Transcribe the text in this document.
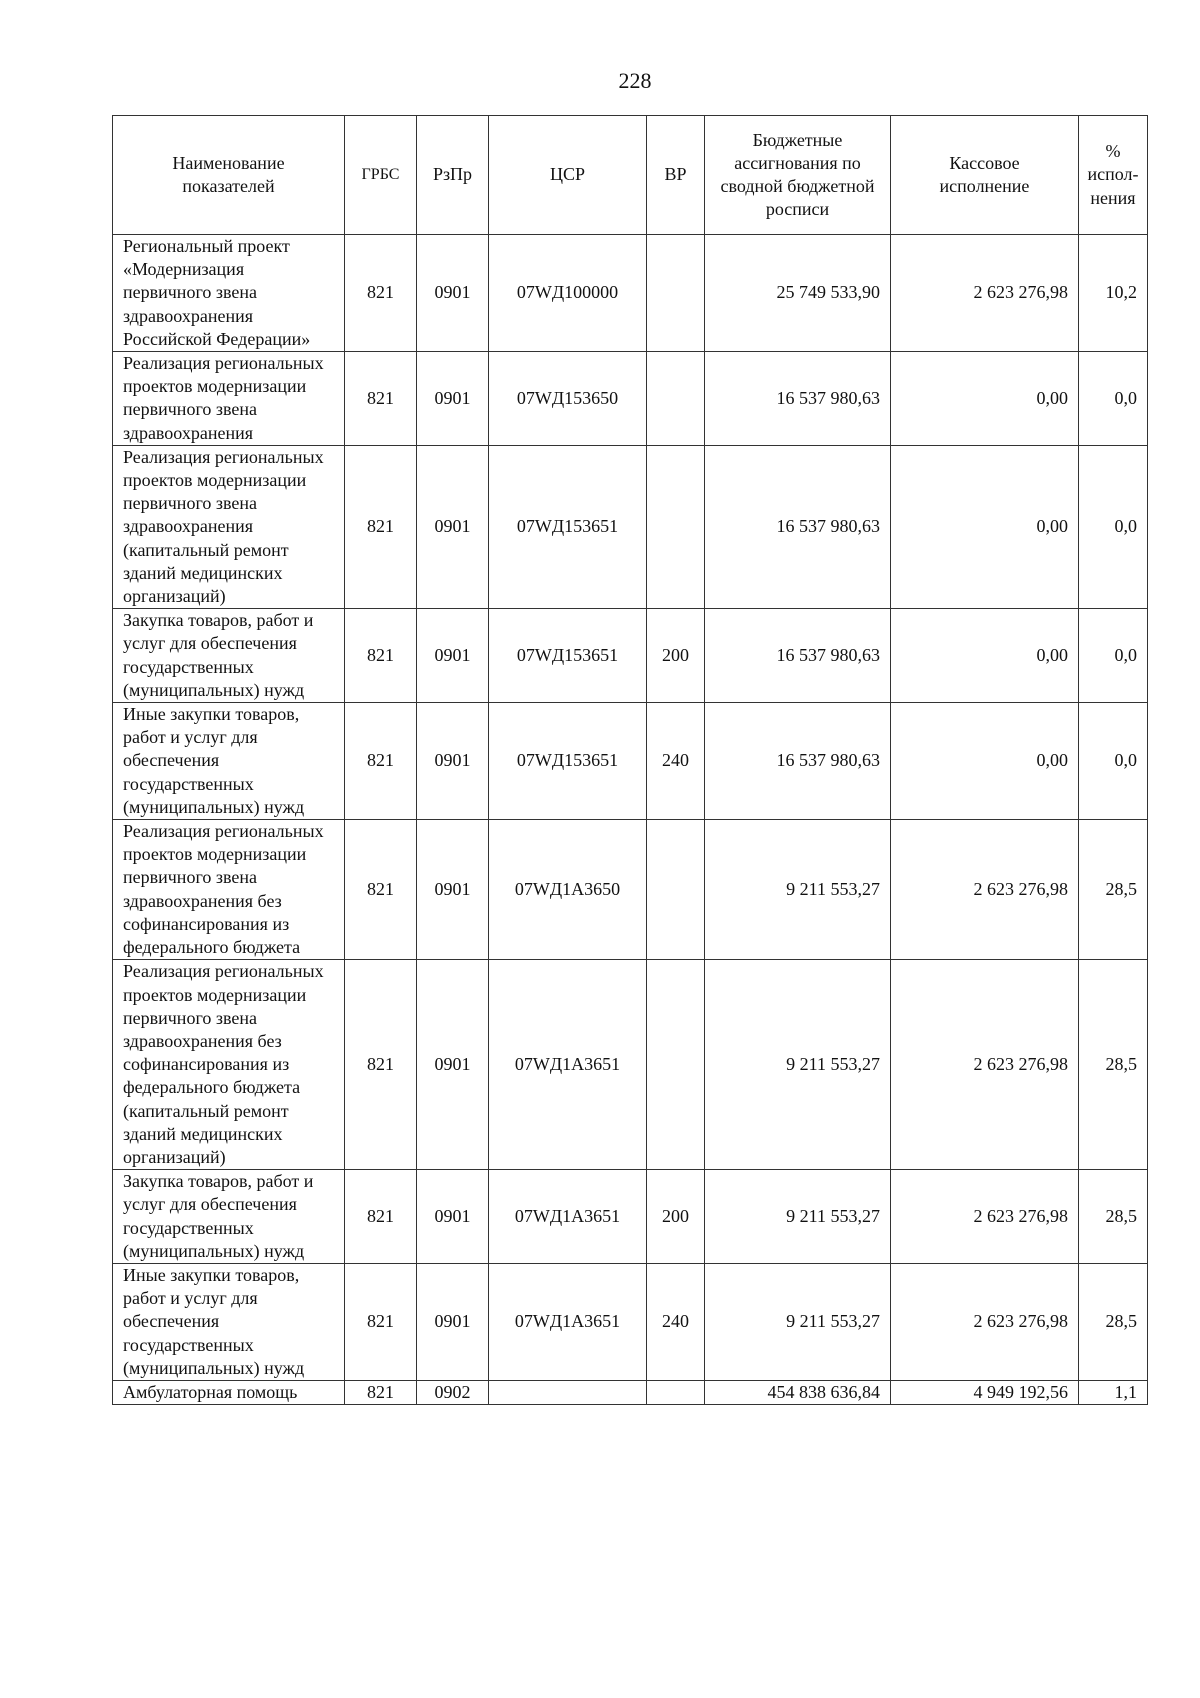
228
Наименование показателей	ГРБС	РзПр	ЦСР	ВР	Бюджетные ассигнования по сводной бюджетной росписи	Кассовое исполнение	% испол-нения
Региональный проект «Модернизация первичного звена здравоохранения Российской Федерации»	821	0901	07WД100000		25 749 533,90	2 623 276,98	10,2
Реализация региональных проектов модернизации первичного звена здравоохранения	821	0901	07WД153650		16 537 980,63	0,00	0,0
Реализация региональных проектов модернизации первичного звена здравоохранения (капитальный ремонт зданий медицинских организаций)	821	0901	07WД153651		16 537 980,63	0,00	0,0
Закупка товаров, работ и услуг для обеспечения государственных (муниципальных) нужд	821	0901	07WД153651	200	16 537 980,63	0,00	0,0
Иные закупки товаров, работ и услуг для обеспечения государственных (муниципальных) нужд	821	0901	07WД153651	240	16 537 980,63	0,00	0,0
Реализация региональных проектов модернизации первичного звена здравоохранения без софинансирования из федерального бюджета	821	0901	07WД1А3650		9 211 553,27	2 623 276,98	28,5
Реализация региональных проектов модернизации первичного звена здравоохранения без софинансирования из федерального бюджета (капитальный ремонт зданий медицинских организаций)	821	0901	07WД1А3651		9 211 553,27	2 623 276,98	28,5
Закупка товаров, работ и услуг для обеспечения государственных (муниципальных) нужд	821	0901	07WД1А3651	200	9 211 553,27	2 623 276,98	28,5
Иные закупки товаров, работ и услуг для обеспечения государственных (муниципальных) нужд	821	0901	07WД1А3651	240	9 211 553,27	2 623 276,98	28,5
Амбулаторная помощь	821	0902			454 838 636,84	4 949 192,56	1,1
